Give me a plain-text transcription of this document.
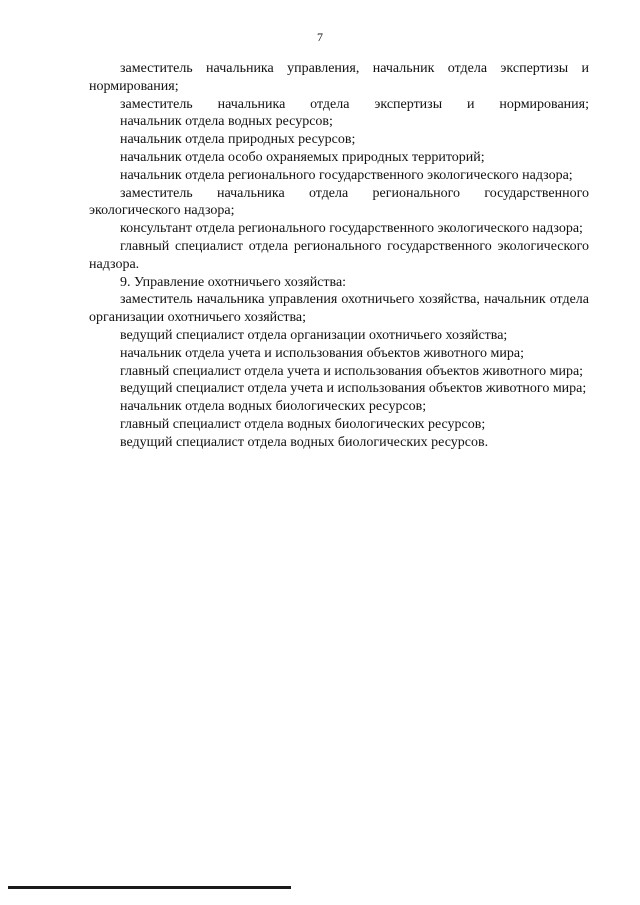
7

заместитель начальника управления, начальник отдела экспертизы и нормирования;

заместитель начальника отдела экспертизы и нормирования;

начальник отдела водных ресурсов;

начальник отдела природных ресурсов;

начальник отдела особо охраняемых природных территорий;

начальник отдела регионального государственного экологического надзора;

заместитель начальника отдела регионального государственного экологического надзора;

консультант отдела регионального государственного экологического надзора;

главный специалист отдела регионального государственного экологического надзора.

9. Управление охотничьего хозяйства:

заместитель начальника управления охотничьего хозяйства, начальник отдела организации охотничьего хозяйства;

ведущий специалист отдела организации охотничьего хозяйства;

начальник отдела учета и использования объектов животного мира;

главный специалист отдела учета и использования объектов животного мира;

ведущий специалист отдела учета и использования объектов животного мира;

начальник отдела водных биологических ресурсов;

главный специалист отдела водных биологических ресурсов;

ведущий специалист отдела водных биологических ресурсов.
